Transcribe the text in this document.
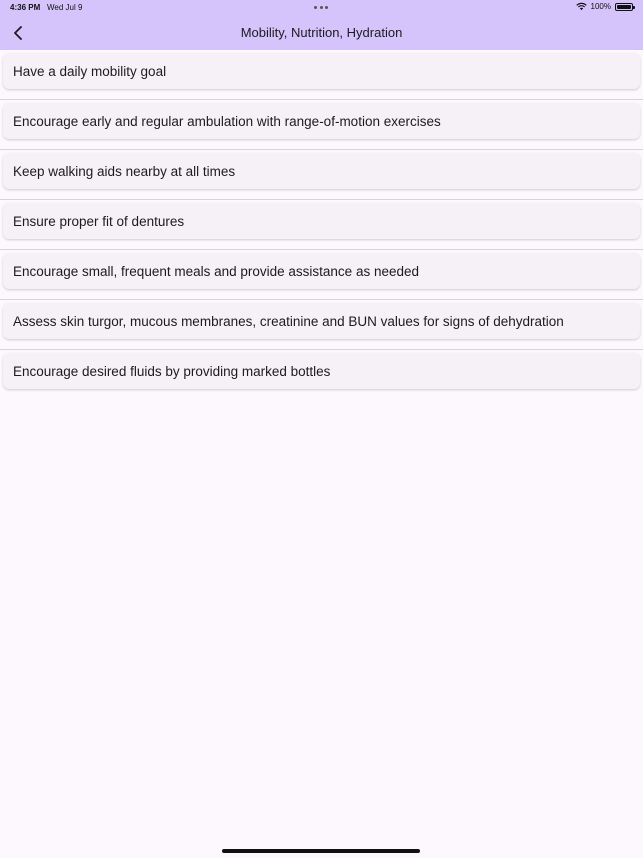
4:36 PM Wed Jul 9	100%
Mobility, Nutrition, Hydration
Have a daily mobility goal
Encourage early and regular ambulation with range-of-motion exercises
Keep walking aids nearby at all times
Ensure proper fit of dentures
Encourage small, frequent meals and provide assistance as needed
Assess skin turgor, mucous membranes, creatinine and BUN values for signs of dehydration
Encourage desired fluids by providing marked bottles
